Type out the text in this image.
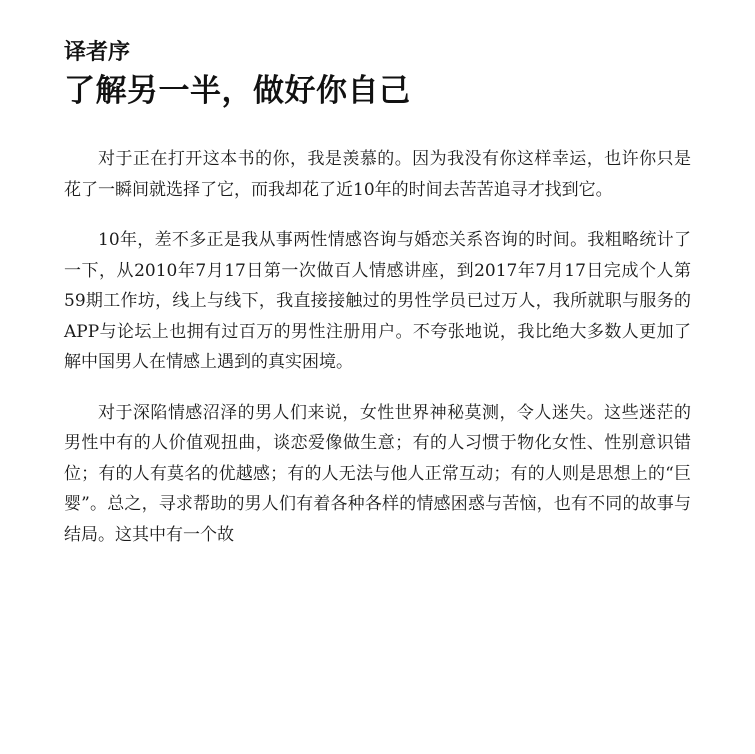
译者序
了解另一半，做好你自己

对于正在打开这本书的你，我是羡慕的。因为我没有你这样幸运，也许你只是花了一瞬间就选择了它，而我却花了近10年的时间去苦苦追寻才找到它。

10年，差不多正是我从事两性情感咨询与婚恋关系咨询的时间。我粗略统计了一下，从2010年7月17日第一次做百人情感讲座，到2017年7月17日完成个人第59期工作坊，线上与线下，我直接接触过的男性学员已过万人，我所就职与服务的APP与论坛上也拥有过百万的男性注册用户。不夸张地说，我比绝大多数人更加了解中国男人在情感上遇到的真实困境。

对于深陷情感沼泽的男人们来说，女性世界神秘莫测，令人迷失。这些迷茫的男性中有的人价值观扭曲，谈恋爱像做生意；有的人习惯于物化女性、性别意识错位；有的人有莫名的优越感；有的人无法与他人正常互动；有的人则是思想上的“巨婴”。总之，寻求帮助的男人们有着各种各样的情感困惑与苦恼，也有不同的故事与结局。这其中有一个故
